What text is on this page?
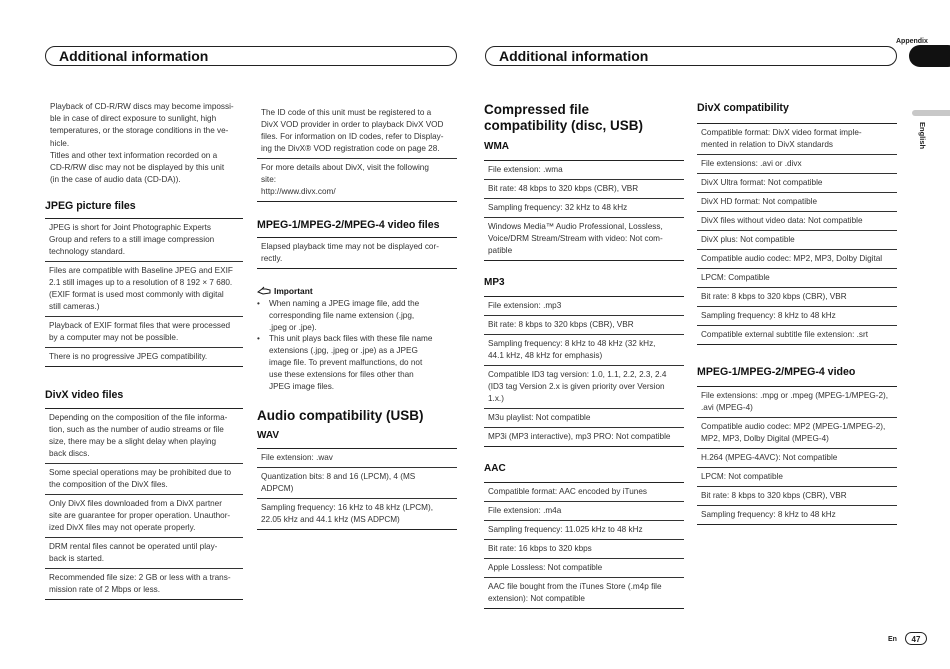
Appendix
Additional information	Additional information
English
Playback of CD-R/RW discs may become impossi-
ble in case of direct exposure to sunlight, high
temperatures, or the storage conditions in the ve-
hicle.
Titles and other text information recorded on a
CD-R/RW disc may not be displayed by this unit
(in the case of audio data (CD-DA)).
JPEG picture files
JPEG is short for Joint Photographic Experts
Group and refers to a still image compression
technology standard.
Files are compatible with Baseline JPEG and EXIF
2.1 still images up to a resolution of 8 192 × 7 680.
(EXIF format is used most commonly with digital
still cameras.)
Playback of EXIF format files that were processed
by a computer may not be possible.
There is no progressive JPEG compatibility.
DivX video files
Depending on the composition of the file informa-
tion, such as the number of audio streams or file
size, there may be a slight delay when playing
back discs.
Some special operations may be prohibited due to
the composition of the DivX files.
Only DivX files downloaded from a DivX partner
site are guarantee for proper operation. Unauthor-
ized DivX files may not operate properly.
DRM rental files cannot be operated until play-
back is started.
Recommended file size: 2 GB or less with a trans-
mission rate of 2 Mbps or less.
The ID code of this unit must be registered to a
DivX VOD provider in order to playback DivX VOD
files. For information on ID codes, refer to Display-
ing the DivX® VOD registration code on page 28.
For more details about DivX, visit the following
site:
http://www.divx.com/
MPEG-1/MPEG-2/MPEG-4 video files
Elapsed playback time may not be displayed cor-
rectly.
Important
•	When naming a JPEG image file, add the
corresponding file name extension (.jpg,
.jpeg or .jpe).
•	This unit plays back files with these file name
extensions (.jpg, .jpeg or .jpe) as a JPEG
image file. To prevent malfunctions, do not
use these extensions for files other than
JPEG image files.
Audio compatibility (USB)
WAV
File extension: .wav
Quantization bits: 8 and 16 (LPCM), 4 (MS
ADPCM)
Sampling frequency: 16 kHz to 48 kHz (LPCM),
22.05 kHz and 44.1 kHz (MS ADPCM)
Compressed file
compatibility (disc, USB)
WMA
File extension: .wma
Bit rate: 48 kbps to 320 kbps (CBR), VBR
Sampling frequency: 32 kHz to 48 kHz
Windows Media™ Audio Professional, Lossless,
Voice/DRM Stream/Stream with video: Not com-
patible
MP3
File extension: .mp3
Bit rate: 8 kbps to 320 kbps (CBR), VBR
Sampling frequency: 8 kHz to 48 kHz (32 kHz,
44.1 kHz, 48 kHz for emphasis)
Compatible ID3 tag version: 1.0, 1.1, 2.2, 2.3, 2.4
(ID3 tag Version 2.x is given priority over Version
1.x.)
M3u playlist: Not compatible
MP3i (MP3 interactive), mp3 PRO: Not compatible
AAC
Compatible format: AAC encoded by iTunes
File extension: .m4a
Sampling frequency: 11.025 kHz to 48 kHz
Bit rate: 16 kbps to 320 kbps
Apple Lossless: Not compatible
AAC file bought from the iTunes Store (.m4p file
extension): Not compatible
DivX compatibility
Compatible format: DivX video format imple-
mented in relation to DivX standards
File extensions: .avi or .divx
DivX Ultra format: Not compatible
DivX HD format: Not compatible
DivX files without video data: Not compatible
DivX plus: Not compatible
Compatible audio codec: MP2, MP3, Dolby Digital
LPCM: Compatible
Bit rate: 8 kbps to 320 kbps (CBR), VBR
Sampling frequency: 8 kHz to 48 kHz
Compatible external subtitle file extension: .srt
MPEG-1/MPEG-2/MPEG-4 video
File extensions: .mpg or .mpeg (MPEG-1/MPEG-2),
.avi (MPEG-4)
Compatible audio codec: MP2 (MPEG-1/MPEG-2),
MP2, MP3, Dolby Digital (MPEG-4)
H.264 (MPEG-4AVC): Not compatible
LPCM: Not compatible
Bit rate: 8 kbps to 320 kbps (CBR), VBR
Sampling frequency: 8 kHz to 48 kHz
En	47
